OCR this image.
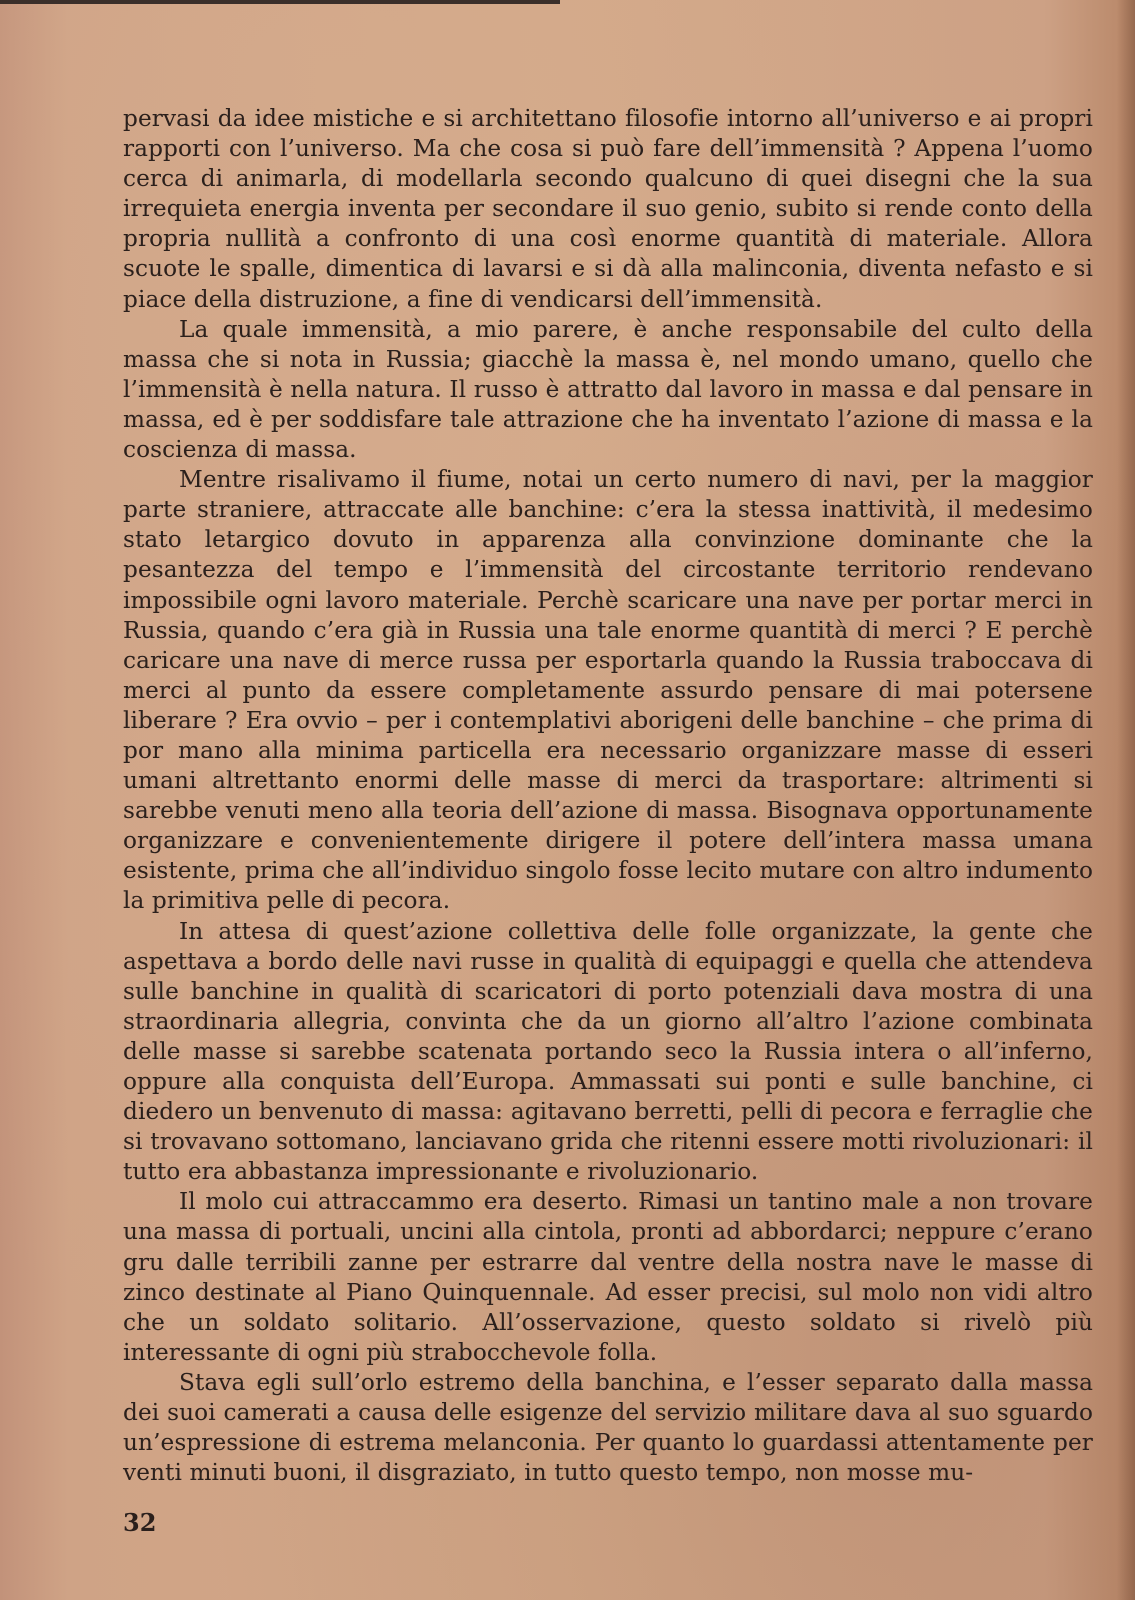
pervasi da idee mistiche e si architettano filosofie intorno all’universo e ai propri rapporti con l’universo. Ma che cosa si può fare dell’immensità ? Appena l’uomo cerca di animarla, di modellarla secondo qualcuno di quei disegni che la sua irrequieta energia inventa per secondare il suo genio, subito si rende conto della propria nullità a confronto di una così enorme quantità di materiale. Allora scuote le spalle, dimentica di lavarsi e si dà alla malinconia, diventa nefasto e si piace della distruzione, a fine di vendicarsi dell’immensità.

La quale immensità, a mio parere, è anche responsabile del culto della massa che si nota in Russia; giacchè la massa è, nel mondo umano, quello che l’immensità è nella natura. Il russo è attratto dal lavoro in massa e dal pensare in massa, ed è per soddisfare tale attrazione che ha inventato l’azione di massa e la coscienza di massa.

Mentre risalivamo il fiume, notai un certo numero di navi, per la maggior parte straniere, attraccate alle banchine: c’era la stessa inattività, il medesimo stato letargico dovuto in apparenza alla convinzione dominante che la pesantezza del tempo e l’immensità del circostante territorio rendevano impossibile ogni lavoro materiale. Perchè scaricare una nave per portar merci in Russia, quando c’era già in Russia una tale enorme quantità di merci ? E perchè caricare una nave di merce russa per esportarla quando la Russia traboccava di merci al punto da essere completamente assurdo pensare di mai potersene liberare ? Era ovvio – per i contemplativi aborigeni delle banchine – che prima di por mano alla minima particella era necessario organizzare masse di esseri umani altrettanto enormi delle masse di merci da trasportare: altrimenti si sarebbe venuti meno alla teoria dell’azione di massa. Bisognava opportunamente organizzare e convenientemente dirigere il potere dell’intera massa umana esistente, prima che all’individuo singolo fosse lecito mutare con altro indumento la primitiva pelle di pecora.

In attesa di quest’azione collettiva delle folle organizzate, la gente che aspettava a bordo delle navi russe in qualità di equipaggi e quella che attendeva sulle banchine in qualità di scaricatori di porto potenziali dava mostra di una straordinaria allegria, convinta che da un giorno all’altro l’azione combinata delle masse si sarebbe scatenata portando seco la Russia intera o all’inferno, oppure alla conquista dell’Europa. Ammassati sui ponti e sulle banchine, ci diedero un benvenuto di massa: agitavano berretti, pelli di pecora e ferraglie che si trovavano sottomano, lanciavano grida che ritenni essere motti rivoluzionari: il tutto era abbastanza impressionante e rivoluzionario.

Il molo cui attraccammo era deserto. Rimasi un tantino male a non trovare una massa di portuali, uncini alla cintola, pronti ad abbordarci; neppure c’erano gru dalle terribili zanne per estrarre dal ventre della nostra nave le masse di zinco destinate al Piano Quinquennale. Ad esser precisi, sul molo non vidi altro che un soldato solitario. All’osservazione, questo soldato si rivelò più interessante di ogni più strabocchevole folla.

Stava egli sull’orlo estremo della banchina, e l’esser separato dalla massa dei suoi camerati a causa delle esigenze del servizio militare dava al suo sguardo un’espressione di estrema melanconia. Per quanto lo guardassi attentamente per venti minuti buoni, il disgraziato, in tutto questo tempo, non mosse mu-

32
